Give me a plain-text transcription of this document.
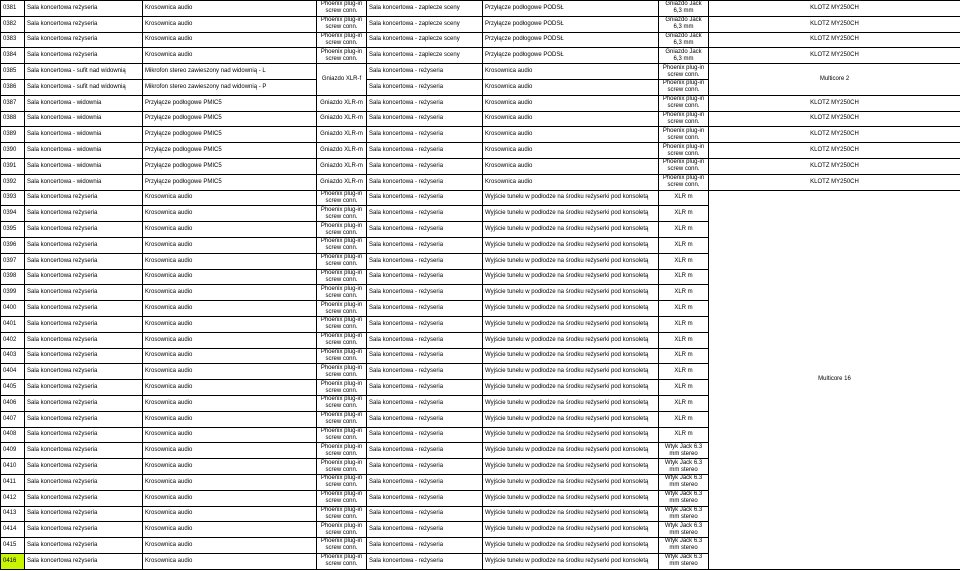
0381	Sala koncertowa reżyseria	Krosownica audio	Phoenix plug-in screw conn.	Sala koncertowa - zaplecze sceny	Przyłącze podłogowe PODSŁ	Gniazdo Jack 6,3 mm	KLOTZ MY250CH
0382	Sala koncertowa reżyseria	Krosownica audio	Phoenix plug-in screw conn.	Sala koncertowa - zaplecze sceny	Przyłącze podłogowe PODSŁ	Gniazdo Jack 6,3 mm	KLOTZ MY250CH
0383	Sala koncertowa reżyseria	Krosownica audio	Phoenix plug-in screw conn.	Sala koncertowa - zaplecze sceny	Przyłącze podłogowe PODSŁ	Gniazdo Jack 6,3 mm	KLOTZ MY250CH
0384	Sala koncertowa reżyseria	Krosownica audio	Phoenix plug-in screw conn.	Sala koncertowa - zaplecze sceny	Przyłącze podłogowe PODSŁ	Gniazdo Jack 6,3 mm	KLOTZ MY250CH
0385	Sala koncertowa - sufit nad widownią	Mikrofon stereo zawieszony nad widownią - L	Gniazdo XLR-f	Sala koncertowa - reżyseria	Krosownica audio	Phoenix plug-in screw conn.	Multicore 2
0386	Sala koncertowa - sufit nad widownią	Mikrofon stereo zawieszony nad widownią - P		Sala koncertowa - reżyseria	Krosownica audio	Phoenix plug-in screw conn.	
0387	Sala koncertowa - widownia	Przyłącze podłogowe PMIC5	Gniazdo XLR-m	Sala koncertowa - reżyseria	Krosownica audio	Phoenix plug-in screw conn.	KLOTZ MY250CH
0388	Sala koncertowa - widownia	Przyłącze podłogowe PMIC5	Gniazdo XLR-m	Sala koncertowa - reżyseria	Krosownica audio	Phoenix plug-in screw conn.	KLOTZ MY250CH
0389	Sala koncertowa - widownia	Przyłącze podłogowe PMIC5	Gniazdo XLR-m	Sala koncertowa - reżyseria	Krosownica audio	Phoenix plug-in screw conn.	KLOTZ MY250CH
0390	Sala koncertowa - widownia	Przyłącze podłogowe PMIC5	Gniazdo XLR-m	Sala koncertowa - reżyseria	Krosownica audio	Phoenix plug-in screw conn.	KLOTZ MY250CH
0391	Sala koncertowa - widownia	Przyłącze podłogowe PMIC5	Gniazdo XLR-m	Sala koncertowa - reżyseria	Krosownica audio	Phoenix plug-in screw conn.	KLOTZ MY250CH
0392	Sala koncertowa - widownia	Przyłącze podłogowe PMIC5	Gniazdo XLR-m	Sala koncertowa - reżyseria	Krosownica audio	Phoenix plug-in screw conn.	KLOTZ MY250CH
0393	Sala koncertowa reżyseria	Krosownica audio	Phoenix plug-in screw conn.	Sala koncertowa - reżyseria	Wyjście tunelu w podłodze na środku reżyserki pod konsoletą	XLR m	Multicore 16
0394	Sala koncertowa reżyseria	Krosownica audio	Phoenix plug-in screw conn.	Sala koncertowa - reżyseria	Wyjście tunelu w podłodze na środku reżyserki pod konsoletą	XLR m	
0395	Sala koncertowa reżyseria	Krosownica audio	Phoenix plug-in screw conn.	Sala koncertowa - reżyseria	Wyjście tunelu w podłodze na środku reżyserki pod konsoletą	XLR m	
0396	Sala koncertowa reżyseria	Krosownica audio	Phoenix plug-in screw conn.	Sala koncertowa - reżyseria	Wyjście tunelu w podłodze na środku reżyserki pod konsoletą	XLR m	
0397	Sala koncertowa reżyseria	Krosownica audio	Phoenix plug-in screw conn.	Sala koncertowa - reżyseria	Wyjście tunelu w podłodze na środku reżyserki pod konsoletą	XLR m	
0398	Sala koncertowa reżyseria	Krosownica audio	Phoenix plug-in screw conn.	Sala koncertowa - reżyseria	Wyjście tunelu w podłodze na środku reżyserki pod konsoletą	XLR m	
0399	Sala koncertowa reżyseria	Krosownica audio	Phoenix plug-in screw conn.	Sala koncertowa - reżyseria	Wyjście tunelu w podłodze na środku reżyserki pod konsoletą	XLR m	
0400	Sala koncertowa reżyseria	Krosownica audio	Phoenix plug-in screw conn.	Sala koncertowa - reżyseria	Wyjście tunelu w podłodze na środku reżyserki pod konsoletą	XLR m	
0401	Sala koncertowa reżyseria	Krosownica audio	Phoenix plug-in screw conn.	Sala koncertowa - reżyseria	Wyjście tunelu w podłodze na środku reżyserki pod konsoletą	XLR m	
0402	Sala koncertowa reżyseria	Krosownica audio	Phoenix plug-in screw conn.	Sala koncertowa - reżyseria	Wyjście tunelu w podłodze na środku reżyserki pod konsoletą	XLR m	
0403	Sala koncertowa reżyseria	Krosownica audio	Phoenix plug-in screw conn.	Sala koncertowa - reżyseria	Wyjście tunelu w podłodze na środku reżyserki pod konsoletą	XLR m	
0404	Sala koncertowa reżyseria	Krosownica audio	Phoenix plug-in screw conn.	Sala koncertowa - reżyseria	Wyjście tunelu w podłodze na środku reżyserki pod konsoletą	XLR m	
0405	Sala koncertowa reżyseria	Krosownica audio	Phoenix plug-in screw conn.	Sala koncertowa - reżyseria	Wyjście tunelu w podłodze na środku reżyserki pod konsoletą	XLR m	
0406	Sala koncertowa reżyseria	Krosownica audio	Phoenix plug-in screw conn.	Sala koncertowa - reżyseria	Wyjście tunelu w podłodze na środku reżyserki pod konsoletą	XLR m	
0407	Sala koncertowa reżyseria	Krosownica audio	Phoenix plug-in screw conn.	Sala koncertowa - reżyseria	Wyjście tunelu w podłodze na środku reżyserki pod konsoletą	XLR m	
0408	Sala koncertowa reżyseria	Krosownica audio	Phoenix plug-in screw conn.	Sala koncertowa - reżyseria	Wyjście tunelu w podłodze na środku reżyserki pod konsoletą	XLR m	
0409	Sala koncertowa reżyseria	Krosownica audio	Phoenix plug-in screw conn.	Sala koncertowa - reżyseria	Wyjście tunelu w podłodze na środku reżyserki pod konsoletą	Wtyk Jack 6.3 mm stereo	
0410	Sala koncertowa reżyseria	Krosownica audio	Phoenix plug-in screw conn.	Sala koncertowa - reżyseria	Wyjście tunelu w podłodze na środku reżyserki pod konsoletą	Wtyk Jack 6.3 mm stereo	
0411	Sala koncertowa reżyseria	Krosownica audio	Phoenix plug-in screw conn.	Sala koncertowa - reżyseria	Wyjście tunelu w podłodze na środku reżyserki pod konsoletą	Wtyk Jack 6.3 mm stereo	
0412	Sala koncertowa reżyseria	Krosownica audio	Phoenix plug-in screw conn.	Sala koncertowa - reżyseria	Wyjście tunelu w podłodze na środku reżyserki pod konsoletą	Wtyk Jack 6.3 mm stereo	
0413	Sala koncertowa reżyseria	Krosownica audio	Phoenix plug-in screw conn.	Sala koncertowa - reżyseria	Wyjście tunelu w podłodze na środku reżyserki pod konsoletą	Wtyk Jack 6.3 mm stereo	
0414	Sala koncertowa reżyseria	Krosownica audio	Phoenix plug-in screw conn.	Sala koncertowa - reżyseria	Wyjście tunelu w podłodze na środku reżyserki pod konsoletą	Wtyk Jack 6.3 mm stereo	
0415	Sala koncertowa reżyseria	Krosownica audio	Phoenix plug-in screw conn.	Sala koncertowa - reżyseria	Wyjście tunelu w podłodze na środku reżyserki pod konsoletą	Wtyk Jack 6.3 mm stereo	
0416	Sala koncertowa reżyseria	Krosownica audio	Phoenix plug-in screw conn.	Sala koncertowa - reżyseria	Wyjście tunelu w podłodze na środku reżyserki pod konsoletą	Wtyk Jack 6.3 mm stereo	
